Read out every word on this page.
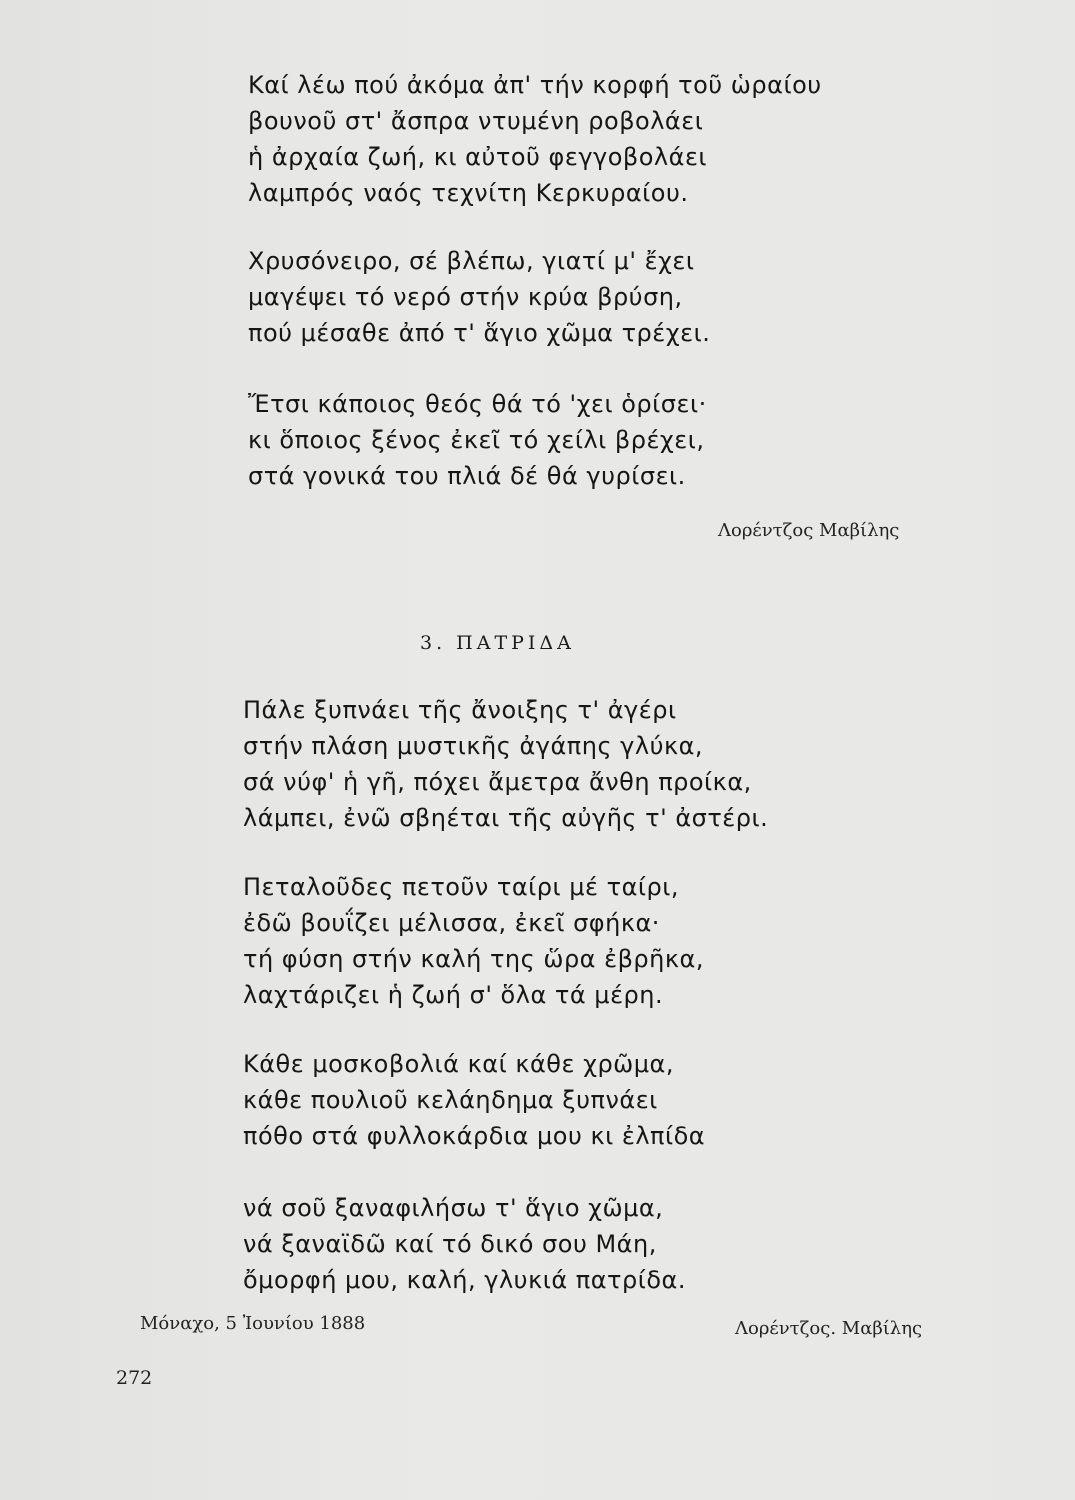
Καί λέω πού ἀκόμα ἀπ' τήν κορφή τοῦ ὡραίου
βουνοῦ στ' ἄσπρα ντυμένη ροβολάει
ἡ ἀρχαία ζωή, κι αὐτοῦ φεγγοβολάει
λαμπρός ναός τεχνίτη Κερκυραίου.
Χρυσόνειρο, σέ βλέπω, γιατί μ' ἔχει
μαγέψει τό νερό στήν κρύα βρύση,
πού μέσαθε ἀπό τ' ἅγιο χῶμα τρέχει.
Ἔτσι κάποιος θεός θά τό 'χει ὁρίσει·
κι ὅποιος ξένος ἐκεῖ τό χείλι βρέχει,
στά γονικά του πλιά δέ θά γυρίσει.
Λορέντζος Μαβίλης
3. ΠΑΤΡΙΔΑ
Πάλε ξυπνάει τῆς ἄνοιξης τ' ἀγέρι
στήν πλάση μυστικῆς ἀγάπης γλύκα,
σά νύφ' ἡ γῆ, πόχει ἄμετρα ἄνθη προίκα,
λάμπει, ἐνῶ σβηέται τῆς αὐγῆς τ' ἀστέρι.
Πεταλοῦδες πετοῦν ταίρι μέ ταίρι,
ἐδῶ βουΐζει μέλισσα, ἐκεῖ σφήκα·
τή φύση στήν καλή της ὥρα ἐβρῆκα,
λαχτάριζει ἡ ζωή σ' ὅλα τά μέρη.
Κάθε μοσκοβολιά καί κάθε χρῶμα,
κάθε πουλιοῦ κελάηδημα ξυπνάει
πόθο στά φυλλοκάρδια μου κι ἐλπίδα
νά σοῦ ξαναφιλήσω τ' ἅγιο χῶμα,
νά ξαναϊδῶ καί τό δικό σου Μάη,
ὄμορφή μου, καλή, γλυκιά πατρίδα.
Μόναχο, 5 Ἰουνίου 1888	Λορέντζος. Μαβίλης
272
